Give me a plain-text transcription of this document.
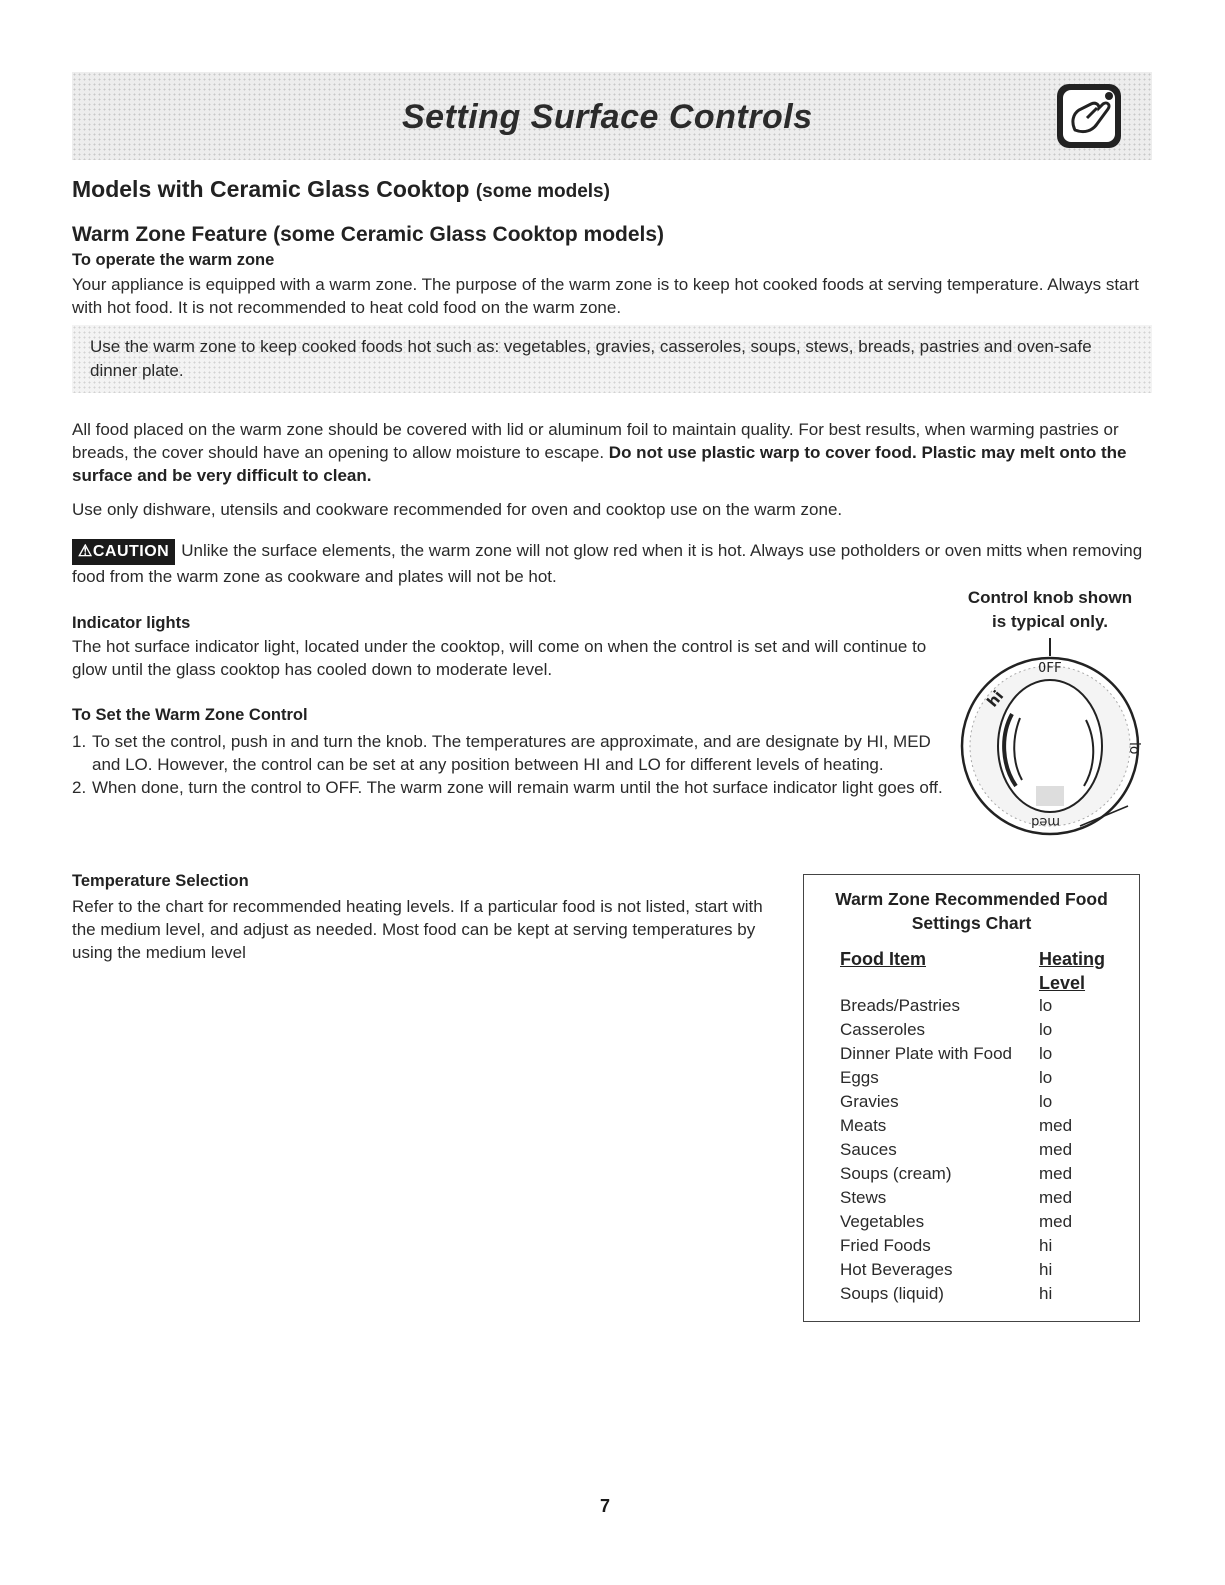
Setting Surface Controls
Models with Ceramic Glass Cooktop (some models)
Warm Zone Feature (some Ceramic Glass Cooktop models)
To operate the warm zone

Your appliance is equipped with a warm zone. The purpose of the warm zone is to keep hot cooked foods at serving temperature. Always start with hot food. It is not recommended to heat cold food on the warm zone.

Use the warm zone to keep cooked foods hot such as: vegetables, gravies, casseroles, soups, stews, breads, pastries and oven-safe dinner plate.

All food placed on the warm zone should be covered with lid or aluminum foil to maintain quality. For best results, when warming pastries or breads, the cover should have an opening to allow moisture to escape. Do not use plastic warp to cover food. Plastic may melt onto the surface and be very difficult to clean.

Use only dishware, utensils and cookware recommended for oven and cooktop use on the warm zone.

⚠CAUTION Unlike the surface elements, the warm zone will not glow red when it is hot. Always use potholders or oven mitts when removing food from the warm zone as cookware and plates will not be hot.

Control knob shown
is typical only.
OFF
hi
lo
med
Indicator lights

The hot surface indicator light, located under the cooktop, will come on when the control is set and will continue to glow until the glass cooktop has cooled down to moderate level.

To Set the Warm Zone Control
1. To set the control, push in and turn the knob. The temperatures are approximate, and are designate by HI, MED and LO. However, the control can be set at any position between HI and LO for different levels of heating.
2. When done, turn the control to OFF. The warm zone will remain warm until the hot surface indicator light goes off.
Temperature Selection

Refer to the chart for recommended heating levels. If a particular food is not listed, start with the medium level, and adjust as needed. Most food can be kept at serving temperatures by using the medium level

Warm Zone Recommended Food
Settings Chart
Food Item	Heating
Level
Breads/Pastries	lo
Casseroles	lo
Dinner Plate with Food lo
Eggs	lo
Gravies	lo
Meats	med
Sauces	med
Soups (cream)	med
Stews	med
Vegetables	med
Fried Foods	hi
Hot Beverages	hi
Soups (liquid)	hi

7
